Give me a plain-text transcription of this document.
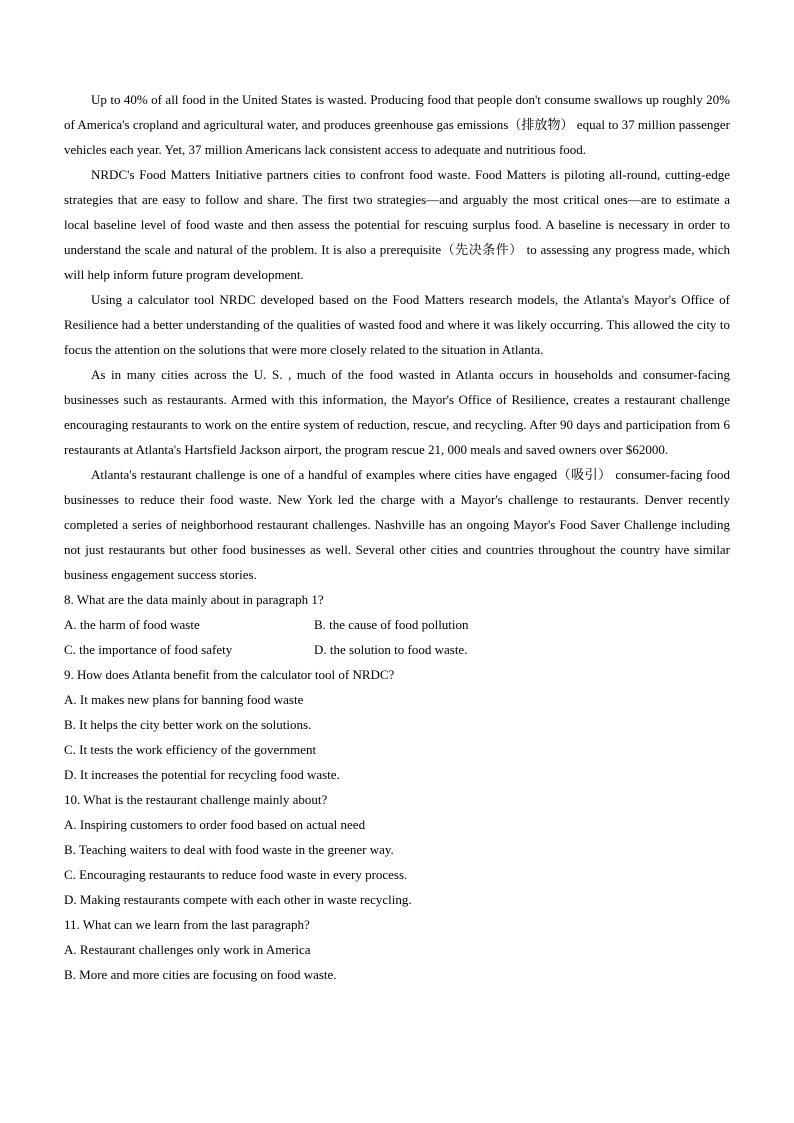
Up to 40% of all food in the United States is wasted. Producing food that people don't consume swallows up roughly 20% of America's cropland and agricultural water, and produces greenhouse gas emissions（排放物） equal to 37 million passenger vehicles each year. Yet, 37 million Americans lack consistent access to adequate and nutritious food.

NRDC's Food Matters Initiative partners cities to confront food waste. Food Matters is piloting all-round, cutting-edge strategies that are easy to follow and share. The first two strategies—and arguably the most critical ones—are to estimate a local baseline level of food waste and then assess the potential for rescuing surplus food. A baseline is necessary in order to understand the scale and natural of the problem. It is also a prerequisite（先决条件） to assessing any progress made, which will help inform future program development.

Using a calculator tool NRDC developed based on the Food Matters research models, the Atlanta's Mayor's Office of Resilience had a better understanding of the qualities of wasted food and where it was likely occurring. This allowed the city to focus the attention on the solutions that were more closely related to the situation in Atlanta.

As in many cities across the U. S. , much of the food wasted in Atlanta occurs in households and consumer-facing businesses such as restaurants. Armed with this information, the Mayor's Office of Resilience, creates a restaurant challenge encouraging restaurants to work on the entire system of reduction, rescue, and recycling. After 90 days and participation from 6 restaurants at Atlanta's Hartsfield Jackson airport, the program rescue 21, 000 meals and saved owners over $62000.

Atlanta's restaurant challenge is one of a handful of examples where cities have engaged（吸引） consumer-facing food businesses to reduce their food waste. New York led the charge with a Mayor's challenge to restaurants. Denver recently completed a series of neighborhood restaurant challenges. Nashville has an ongoing Mayor's Food Saver Challenge including not just restaurants but other food businesses as well. Several other cities and countries throughout the country have similar business engagement success stories.

8. What are the data mainly about in paragraph 1?

A. the harm of food waste	B. the cause of food pollution
C. the importance of food safety	D. the solution to food waste.

9. How does Atlanta benefit from the calculator tool of NRDC?

A. It makes new plans for banning food waste

B. It helps the city better work on the solutions.

C. It tests the work efficiency of the government

D. It increases the potential for recycling food waste.

10. What is the restaurant challenge mainly about?

A. Inspiring customers to order food based on actual need

B. Teaching waiters to deal with food waste in the greener way.

C. Encouraging restaurants to reduce food waste in every process.

D. Making restaurants compete with each other in waste recycling.

11. What can we learn from the last paragraph?

A. Restaurant challenges only work in America

B. More and more cities are focusing on food waste.
